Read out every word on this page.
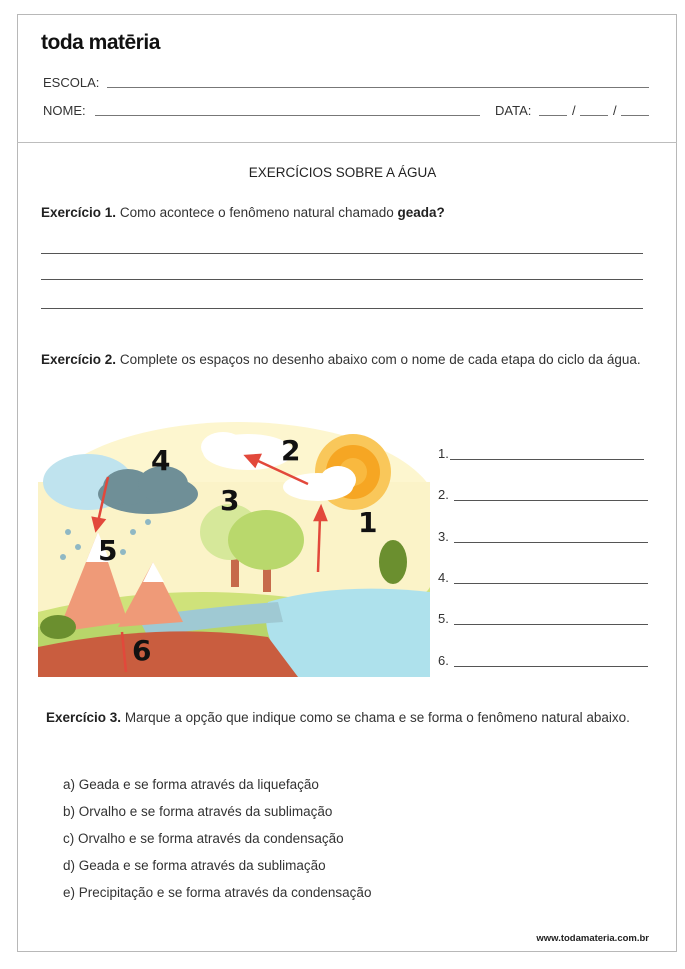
toda matēria
ESCOLA:
NOME:	DATA:	/	/
EXERCÍCIOS SOBRE A ÁGUA
Exercício 1. Como acontece o fenômeno natural chamado geada?
Exercício 2. Complete os espaços no desenho abaixo com o nome de cada etapa do ciclo da água.
1
2
3
4
5
6
1.
2.
3.
4.
5.
6.
Exercício 3. Marque a opção que indique como se chama e se forma o fenômeno natural abaixo.
a) Geada e se forma através da liquefação
b) Orvalho e se forma através da sublimação
c) Orvalho e se forma através da condensação
d) Geada e se forma através da sublimação
e) Precipitação e se forma através da condensação
www.todamateria.com.br
